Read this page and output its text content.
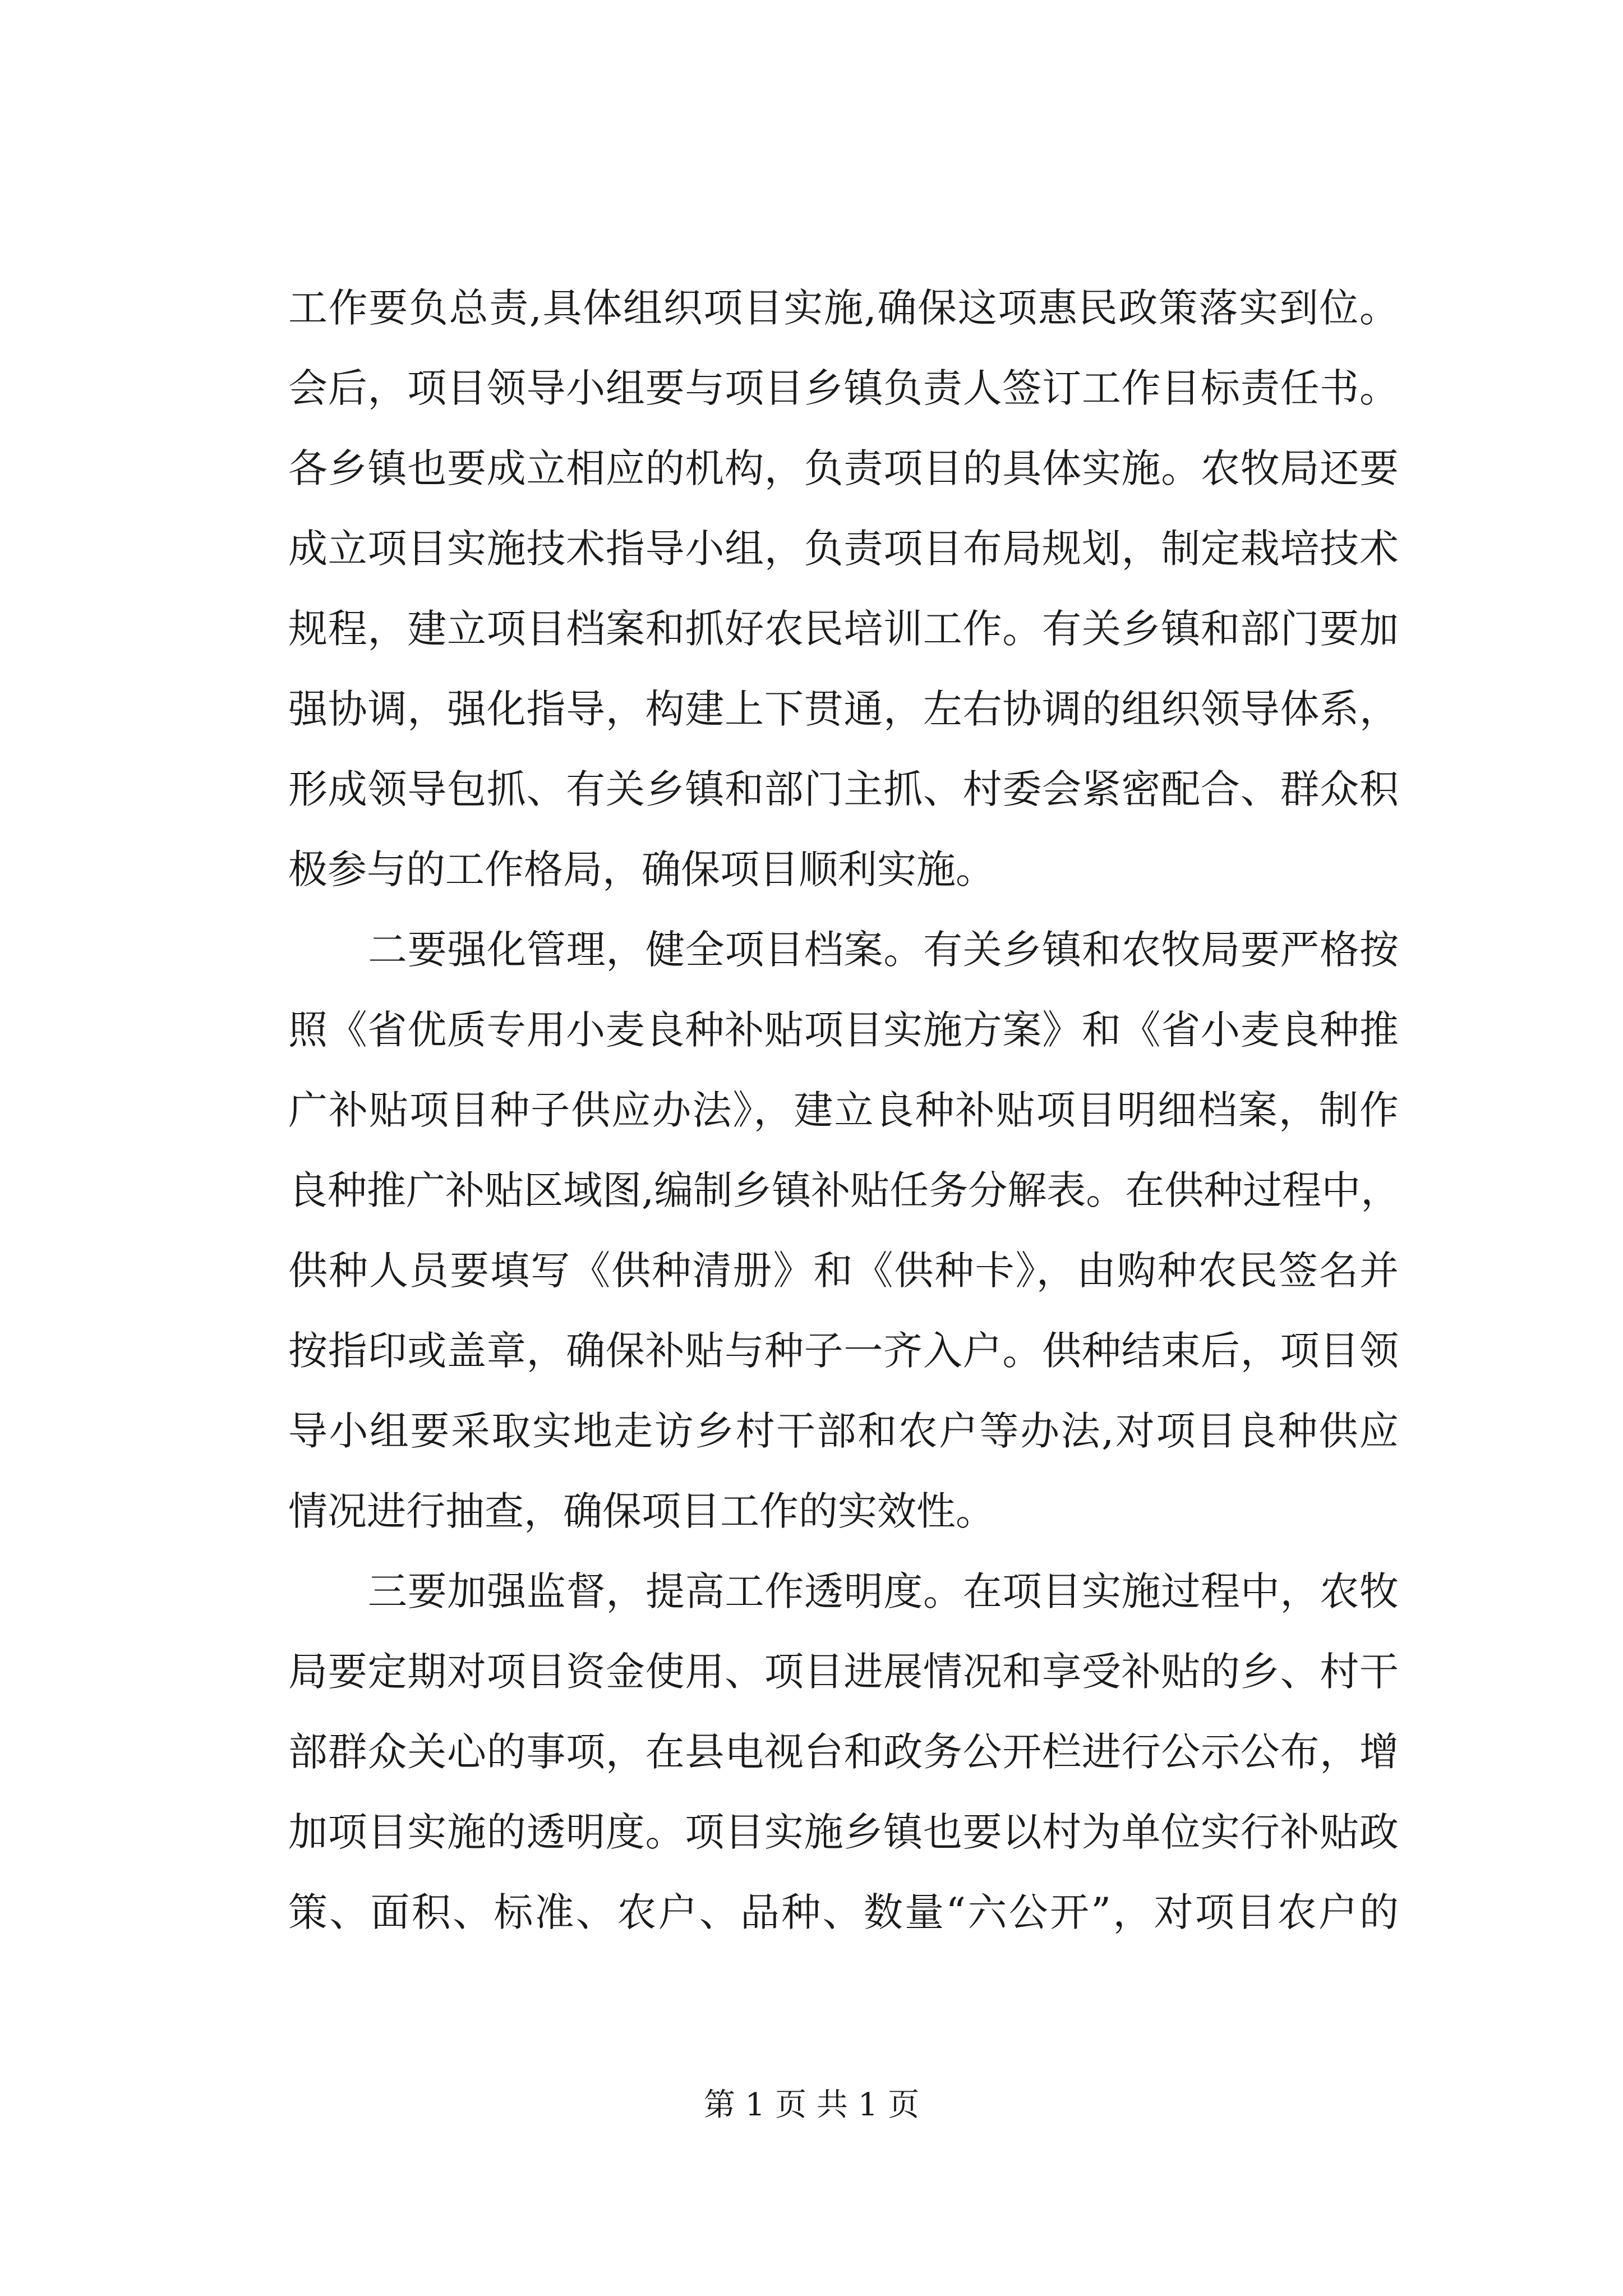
工作要负总责,具体组织项目实施,确保这项惠民政策落实到位。
会后，项目领导小组要与项目乡镇负责人签订工作目标责任书。
各乡镇也要成立相应的机构，负责项目的具体实施。农牧局还要
成立项目实施技术指导小组，负责项目布局规划，制定栽培技术
规程，建立项目档案和抓好农民培训工作。有关乡镇和部门要加
强协调，强化指导，构建上下贯通，左右协调的组织领导体系，
形成领导包抓、有关乡镇和部门主抓、村委会紧密配合、群众积
极参与的工作格局，确保项目顺利实施。
二要强化管理，健全项目档案。有关乡镇和农牧局要严格按
照《省优质专用小麦良种补贴项目实施方案》和《省小麦良种推
广补贴项目种子供应办法》，建立良种补贴项目明细档案，制作
良种推广补贴区域图,编制乡镇补贴任务分解表。在供种过程中，
供种人员要填写《供种清册》和《供种卡》，由购种农民签名并
按指印或盖章，确保补贴与种子一齐入户。供种结束后，项目领
导小组要采取实地走访乡村干部和农户等办法,对项目良种供应
情况进行抽查，确保项目工作的实效性。
三要加强监督，提高工作透明度。在项目实施过程中，农牧
局要定期对项目资金使用、项目进展情况和享受补贴的乡、村干
部群众关心的事项，在县电视台和政务公开栏进行公示公布，增
加项目实施的透明度。项目实施乡镇也要以村为单位实行补贴政
策、面积、标准、农户、品种、数量“六公开”，对项目农户的
第 1 页 共 1 页
